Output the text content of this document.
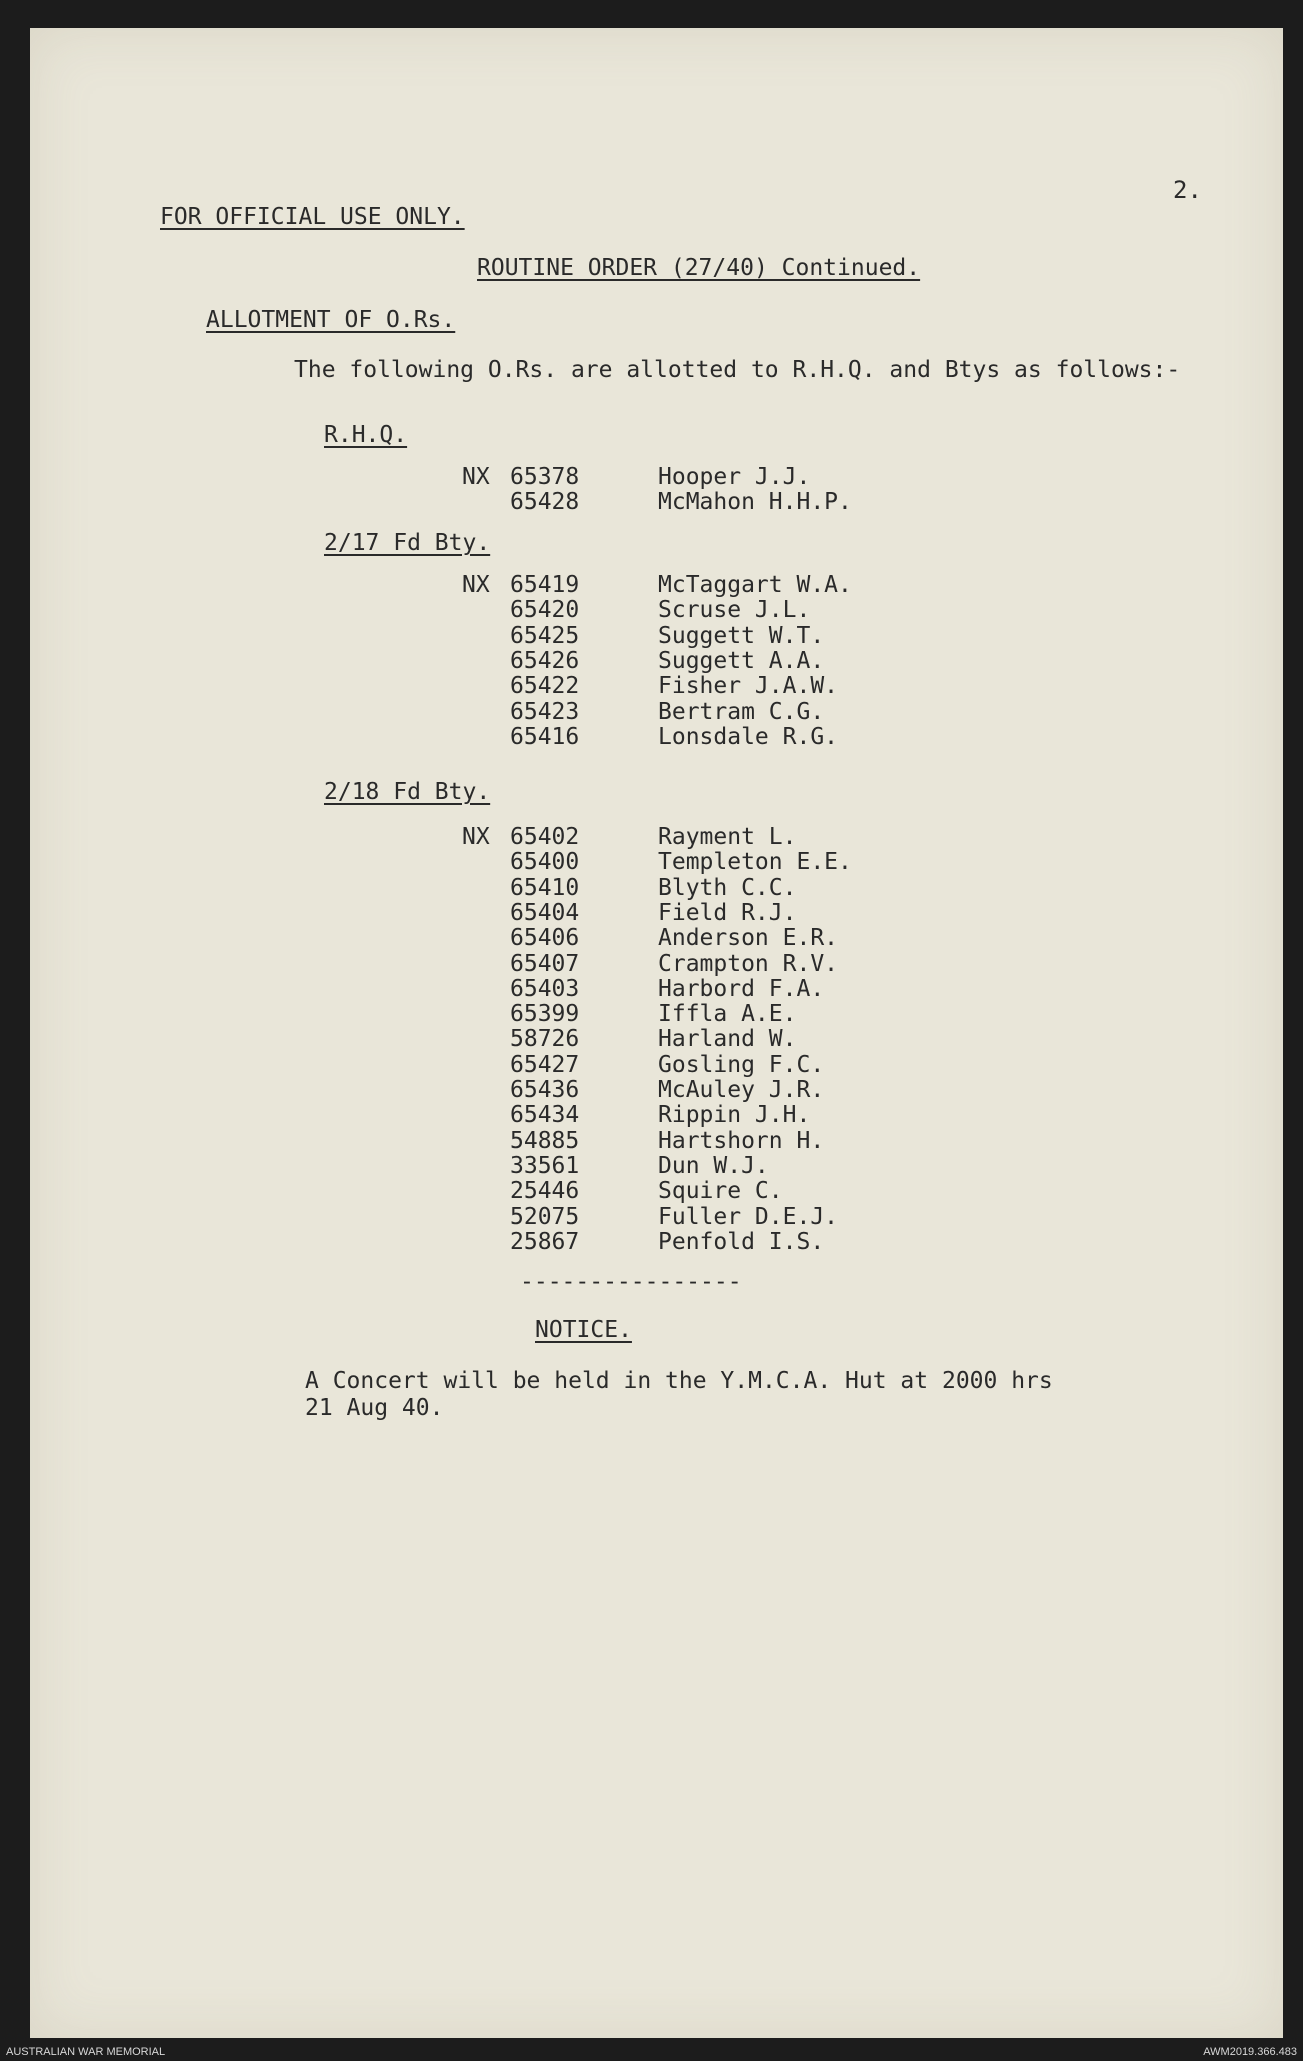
2.
FOR OFFICIAL USE ONLY.
ROUTINE ORDER (27/40) Continued.
ALLOTMENT OF O.Rs.
The following O.Rs. are allotted to R.H.Q. and Btys as follows:-
R.H.Q.
NX 65378	Hooper J.J.
65428	McMahon H.H.P.
2/17 Fd Bty.
NX 65419	McTaggart W.A.
65420	Scruse J.L.
65425	Suggett W.T.
65426	Suggett A.A.
65422	Fisher J.A.W.
65423	Bertram C.G.
65416	Lonsdale R.G.
2/18 Fd Bty.
NX 65402	Rayment L.
65400	Templeton E.E.
65410	Blyth C.C.
65404	Field R.J.
65406	Anderson E.R.
65407	Crampton R.V.
65403	Harbord F.A.
65399	Iffla A.E.
58726	Harland W.
65427	Gosling F.C.
65436	McAuley J.R.
65434	Rippin J.H.
54885	Hartshorn H.
33561	Dun W.J.
25446	Squire C.
52075	Fuller D.E.J.
25867	Penfold I.S.
----------------
NOTICE.
A Concert will be held in the Y.M.C.A. Hut at 2000 hrs
21 Aug 40.
AUSTRALIAN WAR MEMORIAL	AWM2019.366.483
